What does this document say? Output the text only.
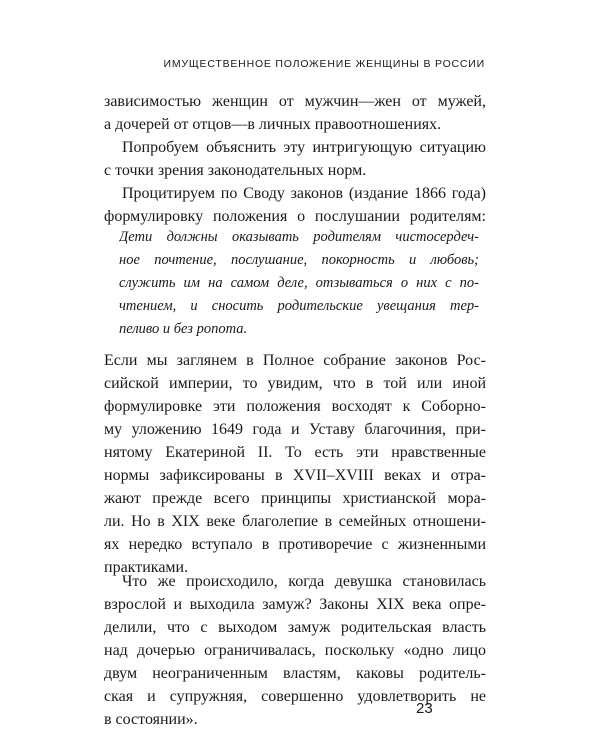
ИМУЩЕСТВЕННОЕ ПОЛОЖЕНИЕ ЖЕНЩИНЫ В РОССИИ
зависимостью женщин от мужчин—жен от мужей,
а дочерей от отцов—в личных правоотношениях.
Попробуем объяснить эту интригующую ситуацию
с точки зрения законодательных норм.
Процитируем по Своду законов (издание 1866 года)
формулировку положения о послушании родителям:
Дети должны оказывать родителям чистосердеч-
ное почтение, послушание, покорность и любовь;
служить им на самом деле, отзываться о них с по-
чтением, и сносить родительские увещания тер-
пеливо и без ропота.
Если мы заглянем в Полное собрание законов Рос-
сийской империи, то увидим, что в той или иной
формулировке эти положения восходят к Соборно-
му уложению 1649 года и Уставу благочиния, при-
нятому Екатериной II. То есть эти нравственные
нормы зафиксированы в XVII–XVIII веках и отра-
жают прежде всего принципы христианской мора-
ли. Но в XIX веке благолепие в семейных отношени-
ях нередко вступало в противоречие с жизненными
практиками.
Что же происходило, когда девушка становилась
взрослой и выходила замуж? Законы XIX века опре-
делили, что с выходом замуж родительская власть
над дочерью ограничивалась, поскольку «одно лицо
двум неограниченным властям, каковы родитель-
ская и супружняя, совершенно удовлетворить не
в состоянии».
23
